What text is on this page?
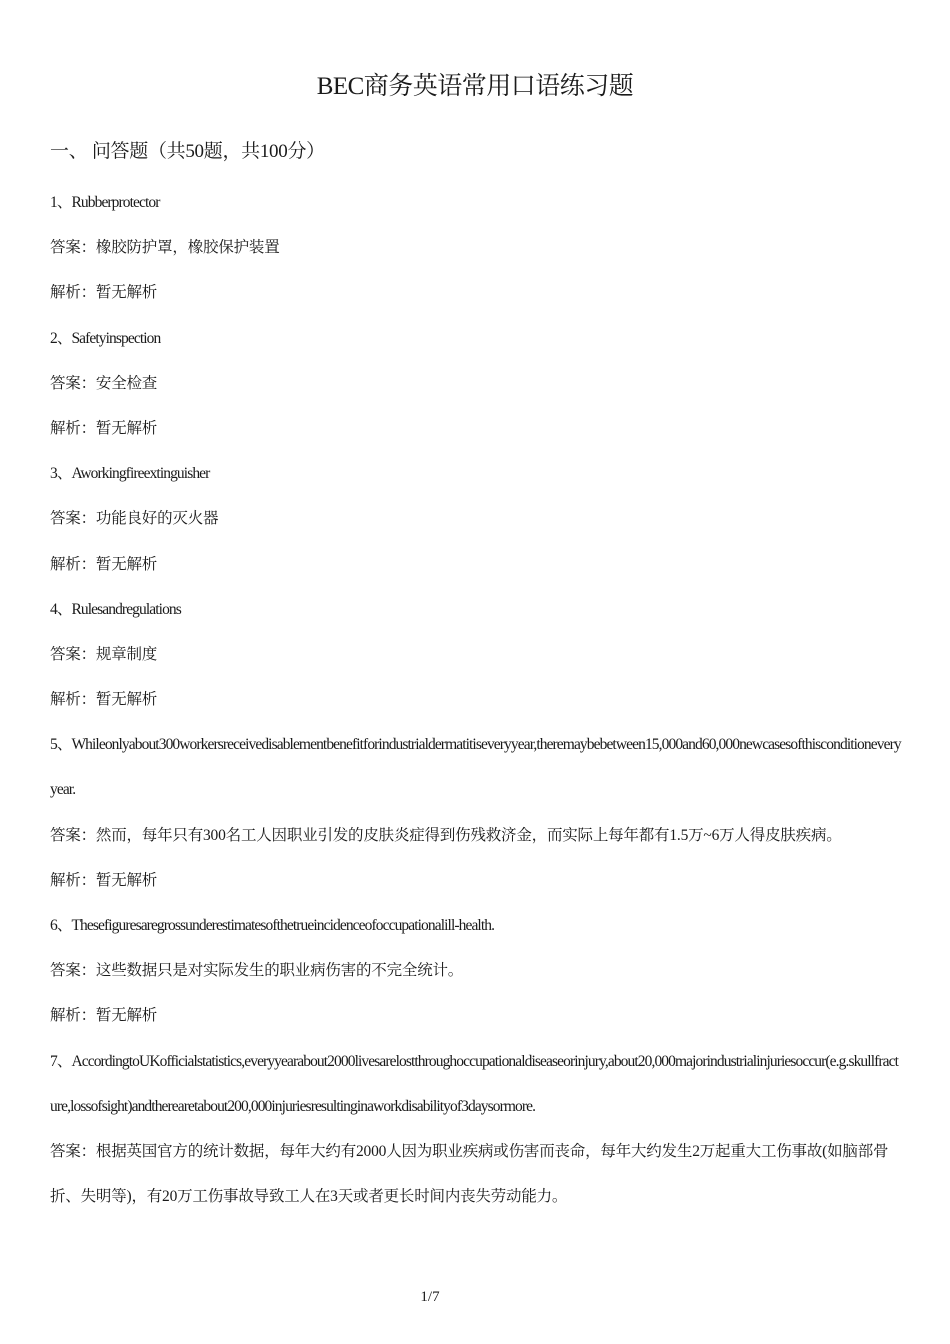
BEC商务英语常用口语练习题
一、 问答题（共50题，共100分）
1、Rubberprotector
答案：橡胶防护罩，橡胶保护装置
解析：暂无解析
2、Safetyinspection
答案：安全检查
解析：暂无解析
3、Aworkingfireextinguisher
答案：功能良好的灭火器
解析：暂无解析
4、Rulesandregulations
答案：规章制度
解析：暂无解析
5、Whileonlyabout300workersreceivedisablementbenefitforindustrialdermatitiseveryyear,theremaybebetween15,000and60,000newcasesofthisconditioneveryyear.
答案：然而，每年只有300名工人因职业引发的皮肤炎症得到伤残救济金，而实际上每年都有1.5万~6万人得皮肤疾病。
解析：暂无解析
6、Thesefiguresaregrossunderestimatesofthetrueincidenceofoccupationalill-health.
答案：这些数据只是对实际发生的职业病伤害的不完全统计。
解析：暂无解析
7、AccordingtoUKofficialstatistics,everyyearabout2000livesarelostthroughoccupationaldiseaseorinjury,about20,000majorindustrialinjuriesoccur(e.g.skullfracture,lossofsight)andtherearetabout200,000injuriesresultinginaworkdisabilityof3daysormore.
答案：根据英国官方的统计数据，每年大约有2000人因为职业疾病或伤害而丧命，每年大约发生2万起重大工伤事故(如脑部骨折、失明等)，有20万工伤事故导致工人在3天或者更长时间内丧失劳动能力。
1/7
